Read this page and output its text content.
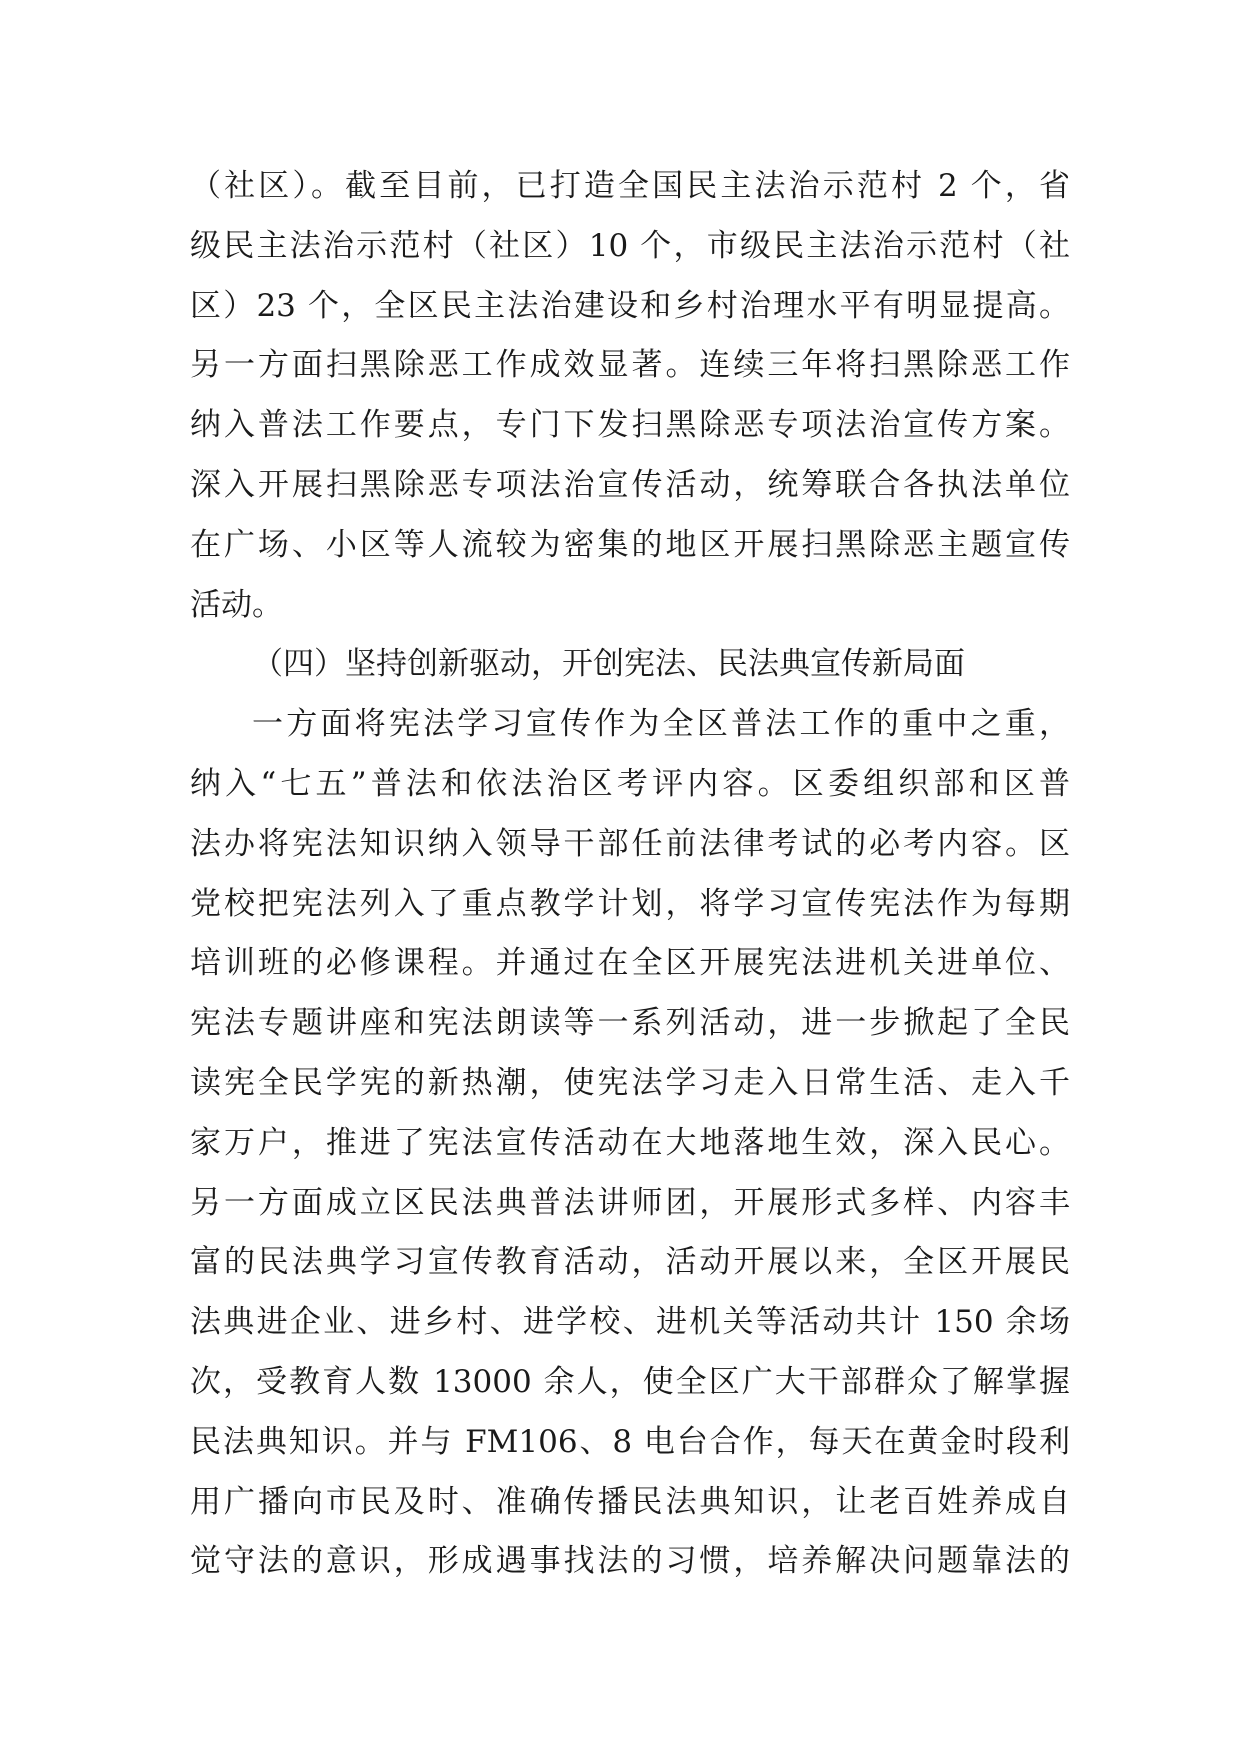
（社区）。截至目前，已打造全国民主法治示范村 2 个，省
级民主法治示范村（社区）10 个，市级民主法治示范村（社
区）23 个，全区民主法治建设和乡村治理水平有明显提高。
另一方面扫黑除恶工作成效显著。连续三年将扫黑除恶工作
纳入普法工作要点，专门下发扫黑除恶专项法治宣传方案。
深入开展扫黑除恶专项法治宣传活动，统筹联合各执法单位
在广场、小区等人流较为密集的地区开展扫黑除恶主题宣传
活动。
（四）坚持创新驱动，开创宪法、民法典宣传新局面
一方面将宪法学习宣传作为全区普法工作的重中之重，
纳入“七五”普法和依法治区考评内容。区委组织部和区普
法办将宪法知识纳入领导干部任前法律考试的必考内容。区
党校把宪法列入了重点教学计划，将学习宣传宪法作为每期
培训班的必修课程。并通过在全区开展宪法进机关进单位、
宪法专题讲座和宪法朗读等一系列活动，进一步掀起了全民
读宪全民学宪的新热潮，使宪法学习走入日常生活、走入千
家万户，推进了宪法宣传活动在大地落地生效，深入民心。
另一方面成立区民法典普法讲师团，开展形式多样、内容丰
富的民法典学习宣传教育活动，活动开展以来，全区开展民
法典进企业、进乡村、进学校、进机关等活动共计 150 余场
次，受教育人数 13000 余人，使全区广大干部群众了解掌握
民法典知识。并与 FM106、8 电台合作，每天在黄金时段利
用广播向市民及时、准确传播民法典知识，让老百姓养成自
觉守法的意识，形成遇事找法的习惯，培养解决问题靠法的
